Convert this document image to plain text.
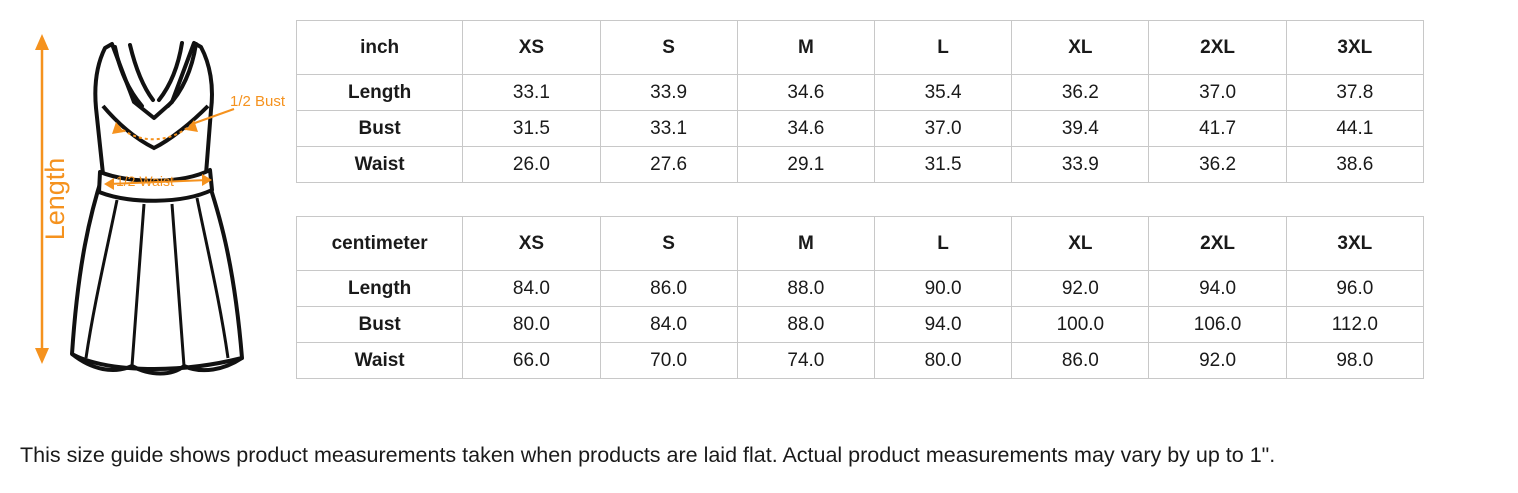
1/2 Bust
1/2 Waist
Length
inch	XS	S	M	L	XL	2XL	3XL
Length	33.1	33.9	34.6	35.4	36.2	37.0	37.8
Bust	31.5	33.1	34.6	37.0	39.4	41.7	44.1
Waist	26.0	27.6	29.1	31.5	33.9	36.2	38.6
centimeter	XS	S	M	L	XL	2XL	3XL
Length	84.0	86.0	88.0	90.0	92.0	94.0	96.0
Bust	80.0	84.0	88.0	94.0	100.0	106.0	112.0
Waist	66.0	70.0	74.0	80.0	86.0	92.0	98.0
This size guide shows product measurements taken when products are laid flat. Actual product measurements may vary by up to 1".
